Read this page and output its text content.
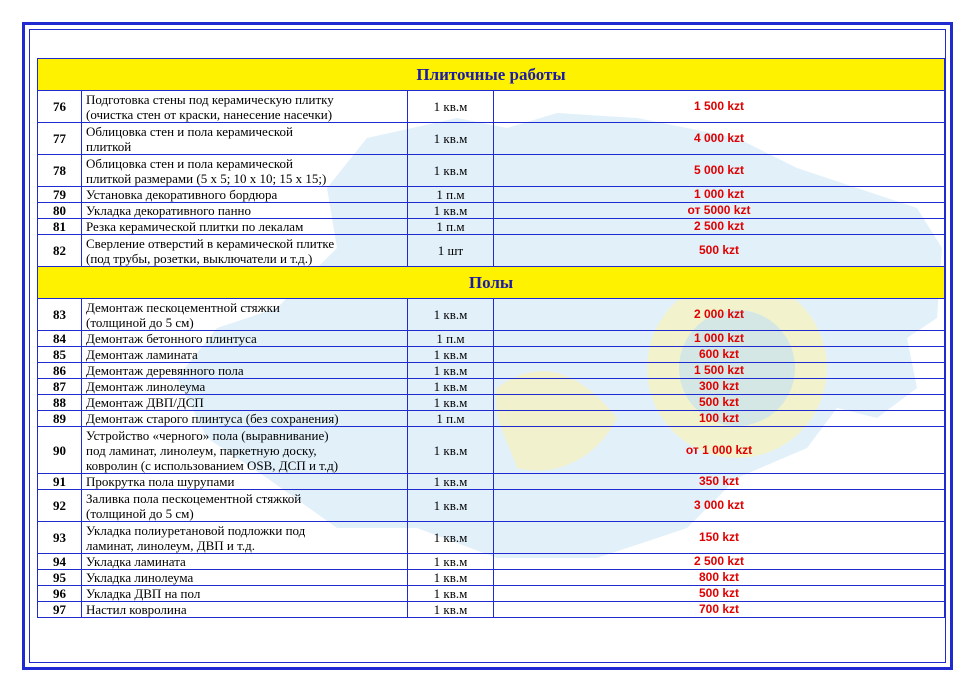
Плиточные работы			
76	Подготовка стены под керамическую плитку
(очистка стен от краски, нанесение насечки)	1 кв.м	1 500 kzt
77	Облицовка стен и пола керамической
плиткой	1 кв.м	4 000 kzt
78	Облицовка стен и пола керамической
плиткой размерами (5 x 5; 10 x 10; 15 x 15;)	1 кв.м	5 000 kzt
79	Установка декоративного бордюра	1 п.м	1 000 kzt
80	Укладка декоративного панно	1 кв.м	от 5000 kzt
81	Резка керамической плитки по лекалам	1 п.м	2 500 kzt
82	Сверление отверстий в керамической плитке
(под трубы, розетки, выключатели и т.д.)	1 шт	500 kzt
Полы			
83	Демонтаж пескоцементной стяжки
(толщиной до 5 см)	1 кв.м	2 000 kzt
84	Демонтаж бетонного плинтуса	1 п.м	1 000 kzt
85	Демонтаж ламината	1 кв.м	600 kzt
86	Демонтаж деревянного пола	1 кв.м	1 500 kzt
87	Демонтаж линолеума	1 кв.м	300 kzt
88	Демонтаж ДВП/ДСП	1 кв.м	500 kzt
89	Демонтаж старого плинтуса (без сохранения)	1 п.м	100 kzt
90	Устройство «черного» пола (выравнивание)
под ламинат, линолеум, паркетную доску,
ковролин (с использованием OSB, ДСП и т.д)	1 кв.м	от 1 000 kzt
91	Прокрутка пола шурупами	1 кв.м	350 kzt
92	Заливка пола пескоцементной стяжкой
(толщиной до 5 см)	1 кв.м	3 000 kzt
93	Укладка полиуретановой подложки под
ламинат, линолеум, ДВП и т.д.	1 кв.м	150 kzt
94	Укладка ламината	1 кв.м	2 500 kzt
95	Укладка линолеума	1 кв.м	800 kzt
96	Укладка ДВП на пол	1 кв.м	500 kzt
97	Настил ковролина	1 кв.м	700 kzt
